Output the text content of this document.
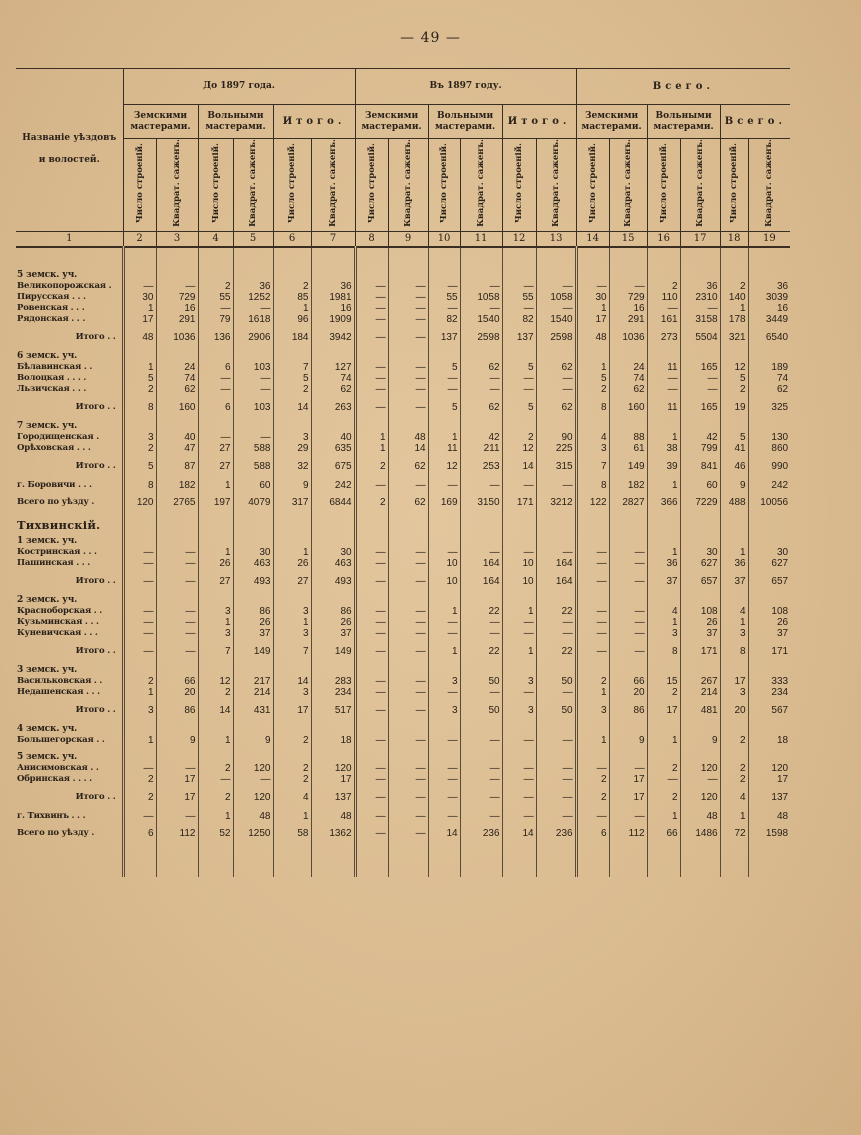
— 49 —
Названіе уѣздовъ

и волостей.	До 1897 года.						Въ 1897 году.						Всего.					
	Земскими мастерами.		Вольными мастерами.		Итого.		Земскими мастерами.		Вольными мастерами.		Итого.		Земскими мастерами.		Вольными мастерами.		Всего.	
	Число строеній.	Квадрат. саженъ.	Число строеній.	Квадрат. саженъ.	Число строеній.	Квадрат. саженъ.	Число строеній.	Квадрат. саженъ.	Число строеній.	Квадрат. саженъ.	Число строеній.	Квадрат. саженъ.	Число строеній.	Квадрат. саженъ.	Число строеній.	Квадрат. саженъ.	Число строеній.	Квадрат. саженъ.
1	2	3	4	5	6	7	8	9	10	11	12	13	14	15	16	17	18	19

5 земск. уч.																		
Великопорожская .	—	—	2	36	2	36	—	—	—	—	—	—	—	—	2	36	2	36
Пирусская . . .	30	729	55	1252	85	1981	—	—	55	1058	55	1058	30	729	110	2310	140	3039
Ровенская . . .	1	16	—	—	1	16	—	—	—	—	—	—	1	16	—	—	1	16
Рядонская . . .	17	291	79	1618	96	1909	—	—	82	1540	82	1540	17	291	161	3158	178	3449

Итого . .	48	1036	136	2906	184	3942	—	—	137	2598	137	2598	48	1036	273	5504	321	6540

6 земск. уч.																		
Бѣлавинская . .	1	24	6	103	7	127	—	—	5	62	5	62	1	24	11	165	12	189
Волоцкая . . . .	5	74	—	—	5	74	—	—	—	—	—	—	5	74	—	—	5	74
Льзичская . . .	2	62	—	—	2	62	—	—	—	—	—	—	2	62	—	—	2	62

Итого . .	8	160	6	103	14	263	—	—	5	62	5	62	8	160	11	165	19	325

7 земск. уч.																		
Городищенская .	3	40	—	—	3	40	1	48	1	42	2	90	4	88	1	42	5	130
Орѣховская . . .	2	47	27	588	29	635	1	14	11	211	12	225	3	61	38	799	41	860

Итого . .	5	87	27	588	32	675	2	62	12	253	14	315	7	149	39	841	46	990

г. Боровичи . . .	8	182	1	60	9	242	—	—	—	—	—	—	8	182	1	60	9	242

Всего по уѣзду .	120	2765	197	4079	317	6844	2	62	169	3150	171	3212	122	2827	366	7229	488	10056

Тихвинскій.																		
1 земск. уч.																		
Костринская . . .	—	—	1	30	1	30	—	—	—	—	—	—	—	—	1	30	1	30
Пашинская . . .	—	—	26	463	26	463	—	—	10	164	10	164	—	—	36	627	36	627

Итого . .	—	—	27	493	27	493	—	—	10	164	10	164	—	—	37	657	37	657

2 земск. уч.																		
Красноборская . .	—	—	3	86	3	86	—	—	1	22	1	22	—	—	4	108	4	108
Кузьминская . . .	—	—	1	26	1	26	—	—	—	—	—	—	—	—	1	26	1	26
Куневичская . . .	—	—	3	37	3	37	—	—	—	—	—	—	—	—	3	37	3	37

Итого . .	—	—	7	149	7	149	—	—	1	22	1	22	—	—	8	171	8	171

3 земск. уч.																		
Васильковская . .	2	66	12	217	14	283	—	—	3	50	3	50	2	66	15	267	17	333
Недашенская . . .	1	20	2	214	3	234	—	—	—	—	—	—	1	20	2	214	3	234

Итого . .	3	86	14	431	17	517	—	—	3	50	3	50	3	86	17	481	20	567

4 земск. уч.																		
Большегорская . .	1	9	1	9	2	18	—	—	—	—	—	—	1	9	1	9	2	18

5 земск. уч.																		
Анисимовская . .	—	—	2	120	2	120	—	—	—	—	—	—	—	—	2	120	2	120
Обринская . . . .	2	17	—	—	2	17	—	—	—	—	—	—	2	17	—	—	2	17

Итого . .	2	17	2	120	4	137	—	—	—	—	—	—	2	17	2	120	4	137

г. Тихвинъ . . .	—	—	1	48	1	48	—	—	—	—	—	—	—	—	1	48	1	48

Всего по уѣзду .	6	112	52	1250	58	1362	—	—	14	236	14	236	6	112	66	1486	72	1598
